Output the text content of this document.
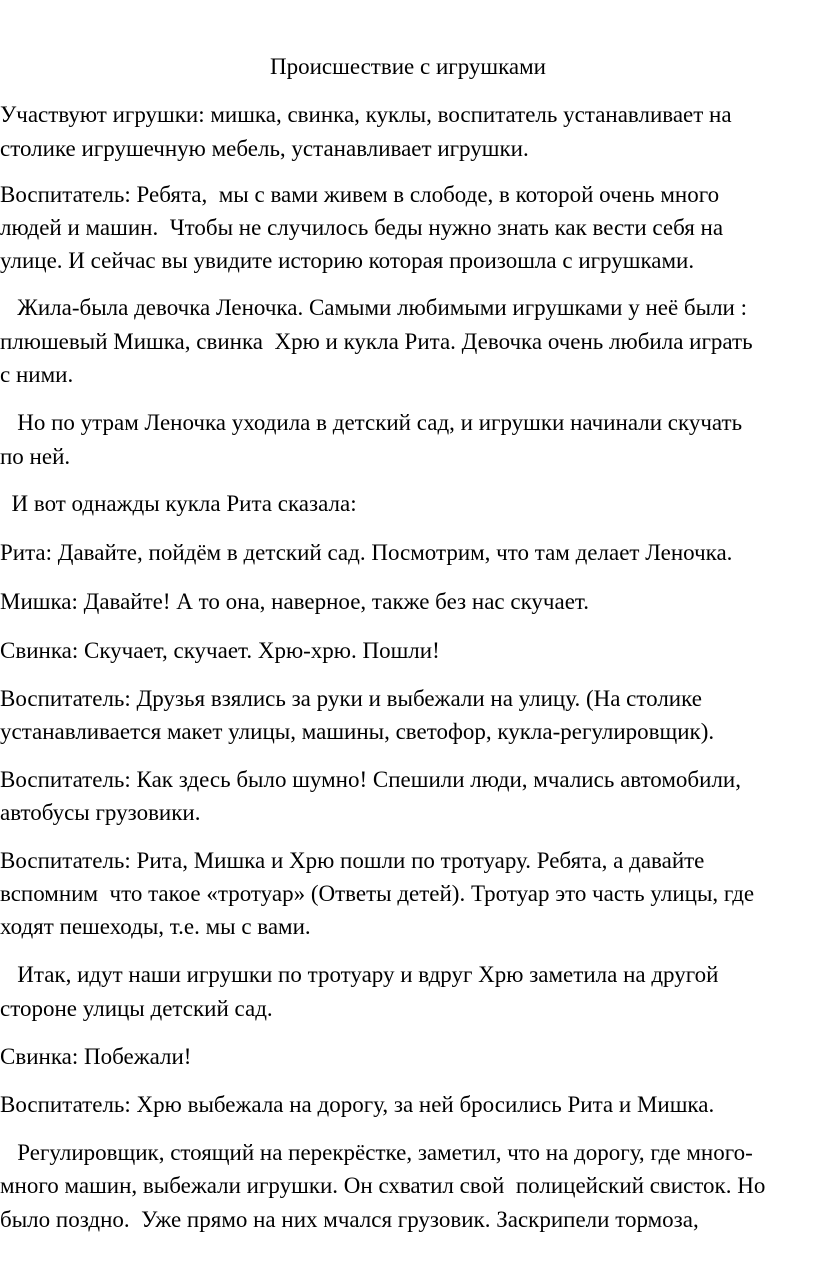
Происшествие с игрушками
Участвуют игрушки: мишка, свинка, куклы, воспитатель устанавливает на
столике игрушечную мебель, устанавливает игрушки.
Воспитатель: Ребята,  мы с вами живем в слободе, в которой очень много
людей и машин.  Чтобы не случилось беды нужно знать как вести себя на
улице. И сейчас вы увидите историю которая произошла с игрушками.
Жила-была девочка Леночка. Самыми любимыми игрушками у неё были :
плюшевый Мишка, свинка  Хрю и кукла Рита. Девочка очень любила играть
с ними.
Но по утрам Леночка уходила в детский сад, и игрушки начинали скучать
по ней.
И вот однажды кукла Рита сказала:
Рита: Давайте, пойдём в детский сад. Посмотрим, что там делает Леночка.
Мишка: Давайте! А то она, наверное, также без нас скучает.
Свинка: Скучает, скучает. Хрю-хрю. Пошли!
Воспитатель: Друзья взялись за руки и выбежали на улицу. (На столике
устанавливается макет улицы, машины, светофор, кукла-регулировщик).
Воспитатель: Как здесь было шумно! Спешили люди, мчались автомобили,
автобусы грузовики.
Воспитатель: Рита, Мишка и Хрю пошли по тротуару. Ребята, а давайте
вспомним  что такое «тротуар» (Ответы детей). Тротуар это часть улицы, где
ходят пешеходы, т.е. мы с вами.
Итак, идут наши игрушки по тротуару и вдруг Хрю заметила на другой
стороне улицы детский сад.
Свинка: Побежали!
Воспитатель: Хрю выбежала на дорогу, за ней бросились Рита и Мишка.
Регулировщик, стоящий на перекрёстке, заметил, что на дорогу, где много-
много машин, выбежали игрушки. Он схватил свой  полицейский свисток. Но
было поздно.  Уже прямо на них мчался грузовик. Заскрипели тормоза,
